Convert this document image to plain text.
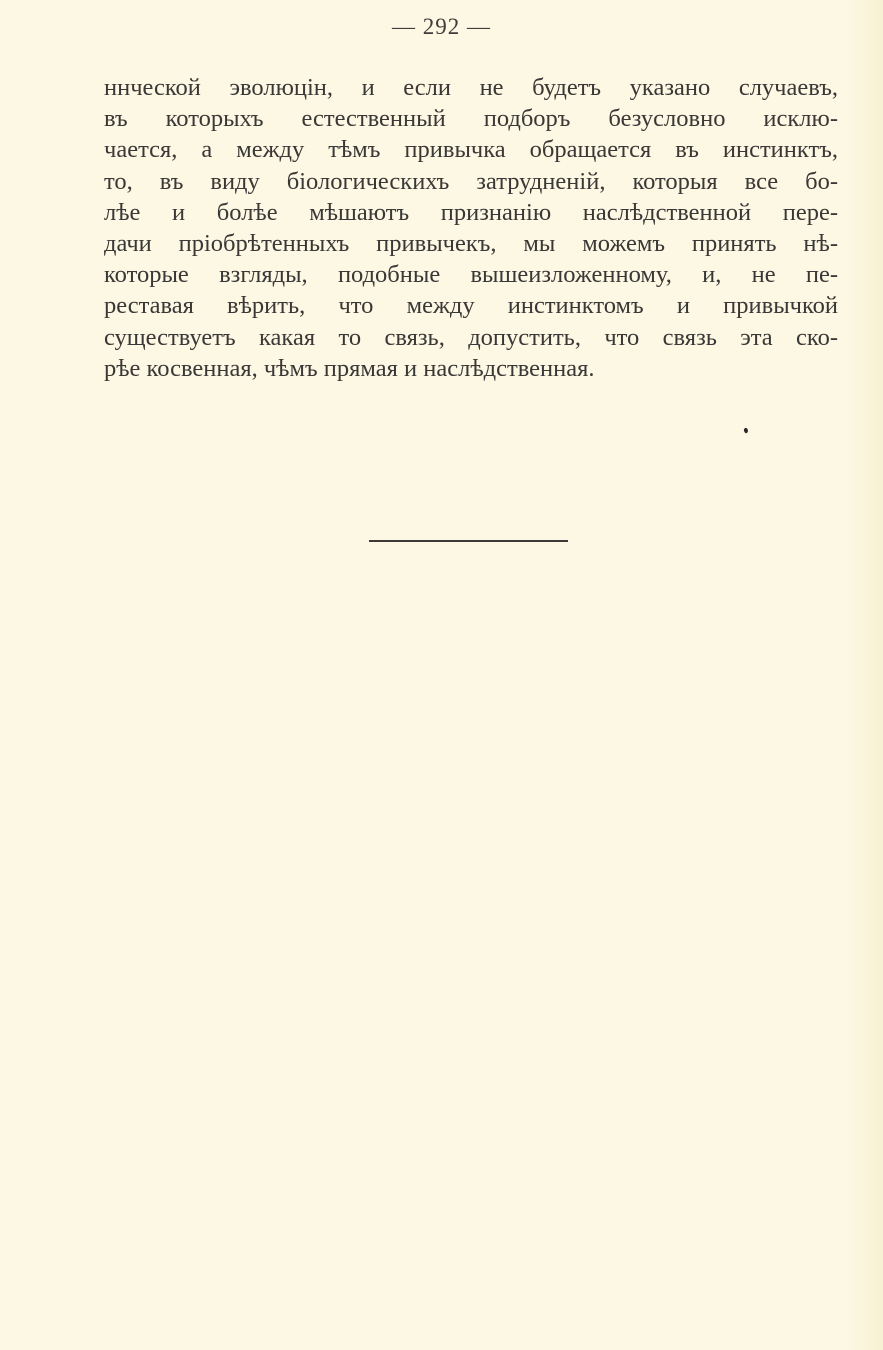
— 292 —
ннческой эволюцін, и если не будетъ указано случаевъ,
въ которыхъ естественный подборъ безусловно исклю-
чается, а между тѣмъ привычка обращается въ инстинктъ,
то, въ виду біологическихъ затрудненій, которыя все бо-
лѣе и болѣе мѣшаютъ признанію наслѣдственной пере-
дачи пріобрѣтенныхъ привычекъ, мы можемъ принять нѣ-
которые взгляды, подобные вышеизложенному, и, не пе-
реставая вѣрить, что между инстинктомъ и привычкой
существуетъ какая то связь, допустить, что связь эта ско-
рѣе косвенная, чѣмъ прямая и наслѣдственная.
